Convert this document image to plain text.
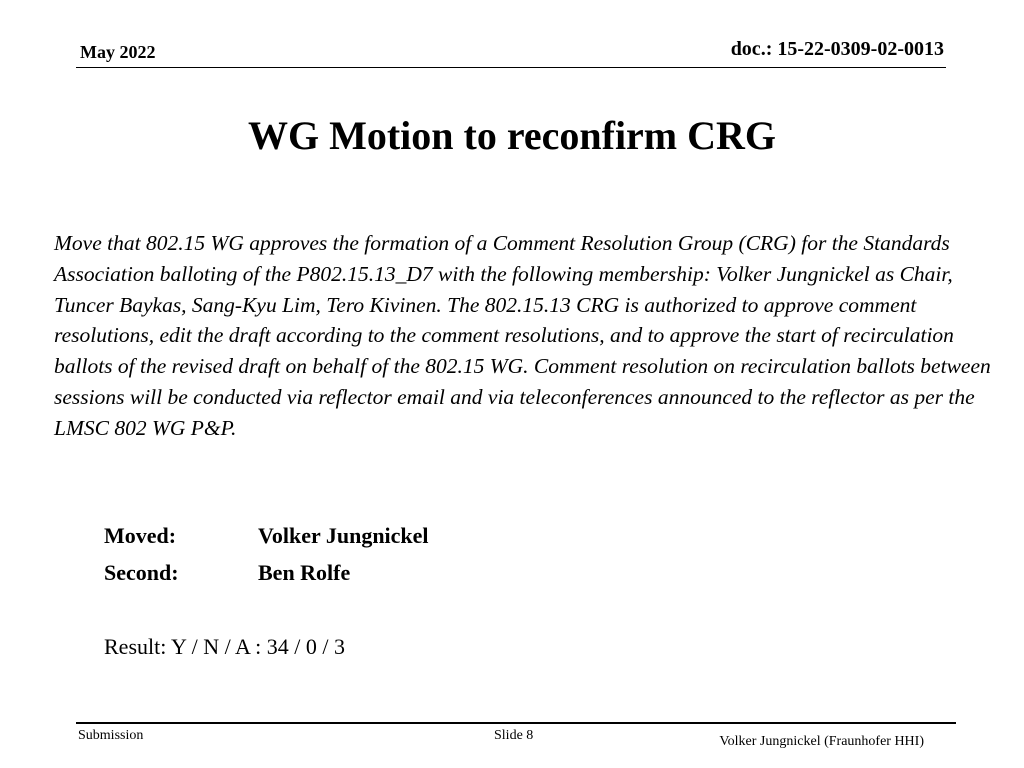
May 2022	doc.: 15-22-0309-02-0013
WG Motion to reconfirm CRG
Move that 802.15 WG approves the formation of a Comment Resolution Group (CRG) for the Standards Association balloting of the P802.15.13_D7 with the following membership: Volker Jungnickel as Chair, Tuncer Baykas, Sang-Kyu Lim, Tero Kivinen. The 802.15.13 CRG is authorized to approve comment resolutions, edit the draft according to the comment resolutions, and to approve the start of recirculation ballots of the revised draft on behalf of the 802.15 WG. Comment resolution on recirculation ballots between sessions will be conducted via reflector email and via teleconferences announced to the reflector as per the LMSC 802 WG P&P.
Moved:	Volker Jungnickel
Second:	Ben Rolfe
Result: Y / N / A : 34 / 0 / 3
Submission	Slide 8	Volker Jungnickel (Fraunhofer HHI)
